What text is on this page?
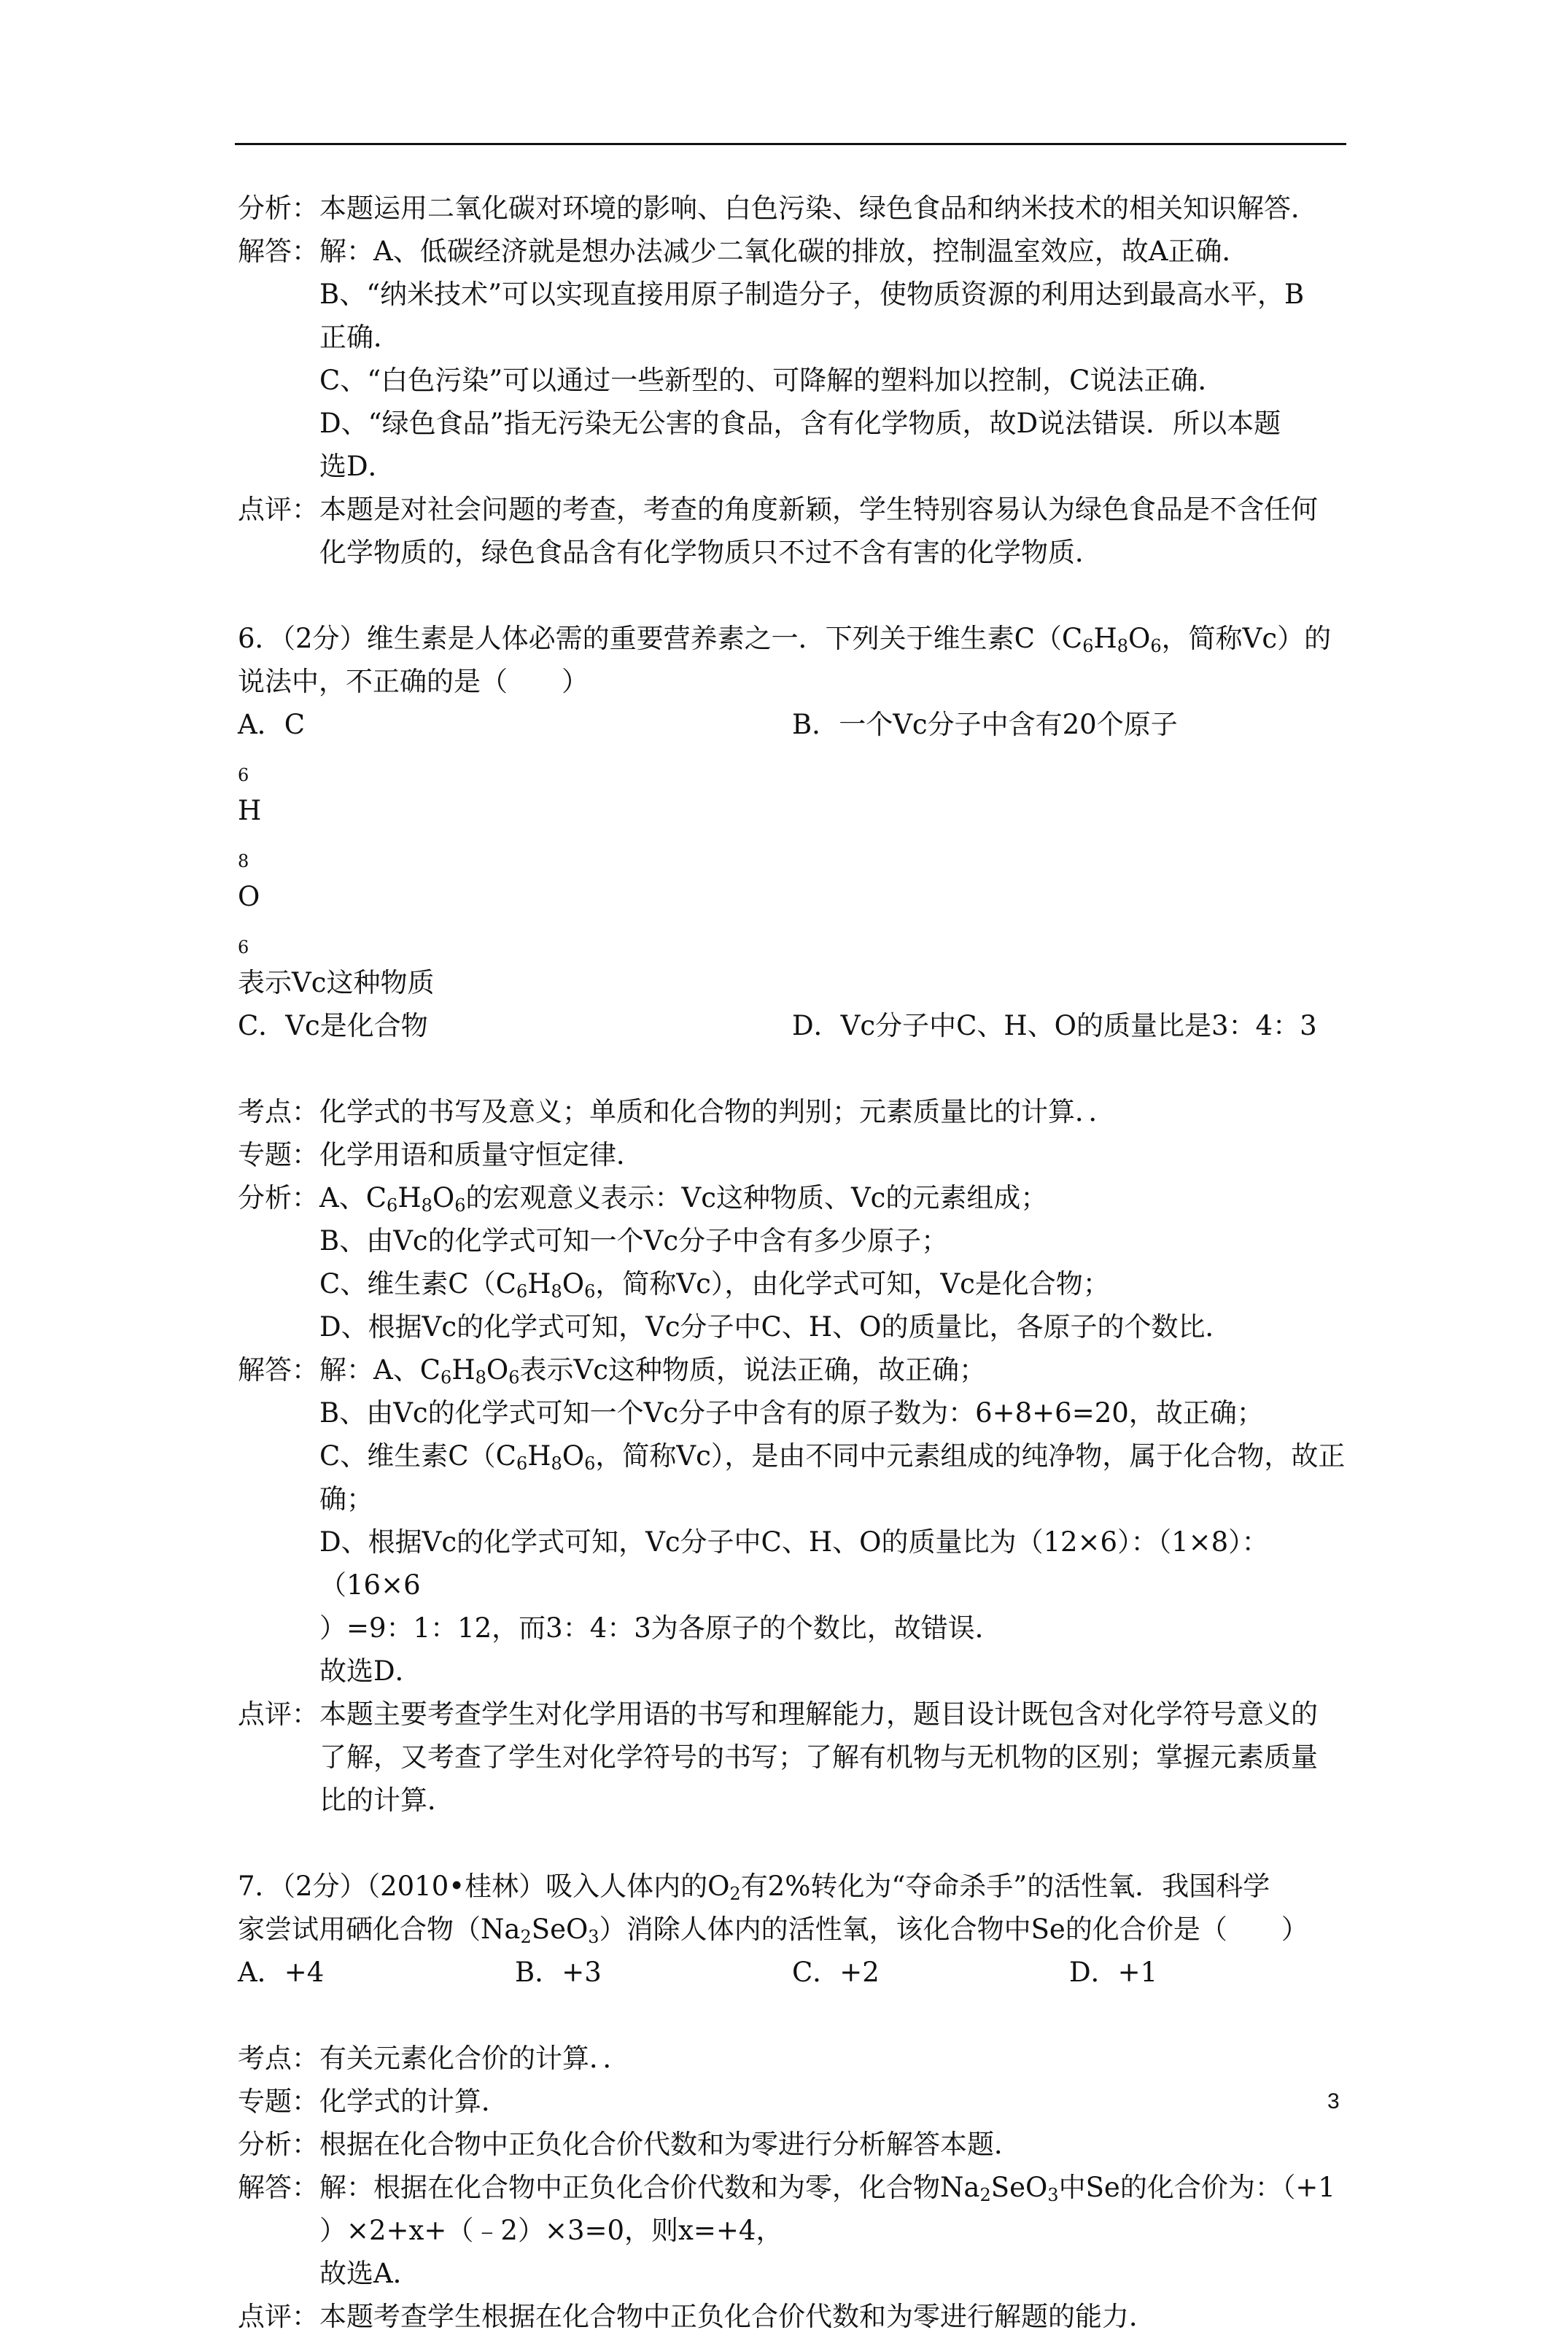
分析： 本题运用二氧化碳对环境的影响、白色污染、绿色食品和纳米技术的相关知识解答．
解答： 解：A、低碳经济就是想办法减少二氧化碳的排放，控制温室效应，故A正确．
B、“纳米技术”可以实现直接用原子制造分子，使物质资源的利用达到最高水平，B
正确．
C、“白色污染”可以通过一些新型的、可降解的塑料加以控制，C说法正确．
D、“绿色食品”指无污染无公害的食品，含有化学物质，故D说法错误．所以本题
选D．
点评： 本题是对社会问题的考查，考查的角度新颖，学生特别容易认为绿色食品是不含任何
化学物质的，绿色食品含有化学物质只不过不含有害的化学物质．
6．（2分）维生素是人体必需的重要营养素之一．下列关于维生素$C(C_6H_8O_6$，简称Vc）的
说法中，不正确的是（　　）
A．C
$_6$
H
$_8$
O
$_6$
表示Vc这种物质
B．一个Vc分子中含有20个原子
C．Vc是化合物	D．Vc分子中C、H、O的质量比是3：4：3
考点： 化学式的书写及意义；单质和化合物的判别；元素质量比的计算．．
专题： 化学用语和质量守恒定律．
分析： A、$C_6H_8O_6$的宏观意义表示：Vc这种物质、Vc的元素组成；
B、由Vc的化学式可知一个Vc分子中含有多少原子；
C、维生素$C(C_6H_8O_6$，简称Vc），由化学式可知，Vc是化合物；
D、根据Vc的化学式可知，Vc分子中C、H、O的质量比，各原子的个数比．
解答： 解：A、$C_6H_8O_6$表示Vc这种物质，说法正确，故正确；
B、由Vc的化学式可知一个Vc分子中含有的原子数为：6+8+6=20，故正确；
C、维生素$C(C_6H_8O_6$，简称Vc），是由不同中元素组成的纯净物，属于化合物，故正
确；
D、根据Vc的化学式可知，Vc分子中C、H、O的质量比为（12×6）：（1×8）：（16×6
）=9：1：12，而3：4：3为各原子的个数比，故错误．
故选D．
点评： 本题主要考查学生对化学用语的书写和理解能力，题目设计既包含对化学符号意义的
了解，又考查了学生对化学符号的书写；了解有机物与无机物的区别；掌握元素质量
比的计算．
7．（2分）（2010•桂林）吸入人体内的$O_2$有2%转化为“夺命杀手”的活性氧．我国科学
家尝试用硒化合物$(Na_2SeO_3)$消除人体内的活性氧，该化合物中Se的化合价是（　　）
A．+4	B．+3	C．+2	D．+1
考点： 有关元素化合价的计算．．
专题： 化学式的计算．
分析： 根据在化合物中正负化合价代数和为零进行分析解答本题．
解答： 解：根据在化合物中正负化合价代数和为零，化合物$Na_2SeO_3$中Se的化合价为：（+1
）×2+x+（﹣2）×3=0，则x=+4，
故选A．
点评： 本题考查学生根据在化合物中正负化合价代数和为零进行解题的能力．
3
